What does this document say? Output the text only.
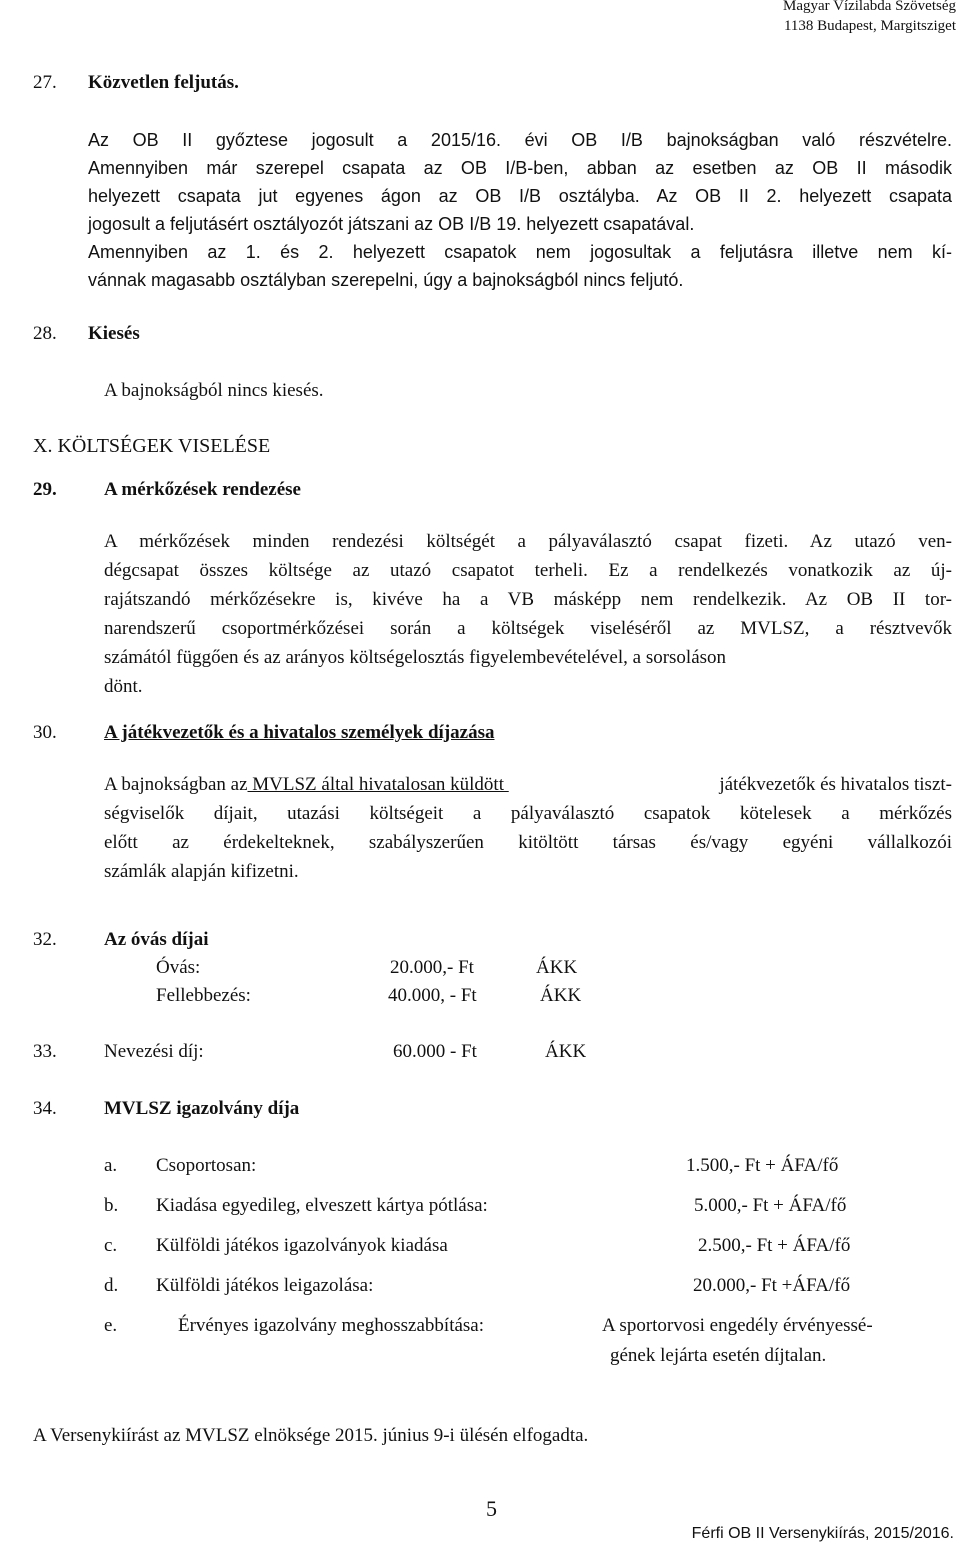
Magyar Vízilabda Szövetség
1138 Budapest, Margitsziget
27. Közvetlen feljutás.
Az OB II győztese jogosult a 2015/16. évi OB I/B bajnokságban való részvételre.
Amennyiben már szerepel csapata az OB I/B-ben, abban az esetben az OB II második
helyezett csapata jut egyenes ágon az OB I/B osztályba. Az OB II 2. helyezett csapata
jogosult a feljutásért osztályozót játszani az OB I/B 19. helyezett csapatával.
Amennyiben az 1. és 2. helyezett csapatok nem jogosultak a feljutásra illetve nem kí-
vánnak magasabb osztályban szerepelni, úgy a bajnokságból nincs feljutó.
28. Kiesés
A bajnokságból nincs kiesés.
X. KÖLTSÉGEK VISELÉSE
29. A mérkőzések rendezése
A mérkőzések minden rendezési költségét a pályaválasztó csapat fizeti. Az utazó ven-
dégcsapat összes költsége az utazó csapatot terheli. Ez a rendelkezés vonatkozik az új-
rajátszandó mérkőzésekre is, kivéve ha a VB másképp nem rendelkezik. Az OB II tor-
narendszerű csoportmérkőzései során a költségek viseléséről az MVLSZ, a résztvevők
számától függően és az arányos költségelosztás figyelembevételével, a sorsoláson
dönt.
30. A játékvezetők és a hivatalos személyek díjazása
A bajnokságban az MVLSZ által hivatalosan küldött	játékvezetők és hivatalos tiszt-
ségviselők díjait, utazási költségeit a pályaválasztó csapatok kötelesek a mérkőzés
előtt az érdekelteknek, szabályszerűen kitöltött társas és/vagy egyéni vállalkozói
számlák alapján kifizetni.
32. Az óvás díjai
Óvás:	20.000,- Ft	ÁKK
Fellebbezés:	40.000, - Ft	ÁKK
33. Nevezési díj:	60.000 - Ft	ÁKK
34. MVLSZ igazolvány díja
a. Csoportosan:	1.500,- Ft + ÁFA/fő
b. Kiadása egyedileg, elveszett kártya pótlása:	5.000,- Ft + ÁFA/fő
c. Külföldi játékos igazolványok kiadása	2.500,- Ft + ÁFA/fő
d. Külföldi játékos leigazolása:	20.000,- Ft +ÁFA/fő
e.	Érvényes igazolvány meghosszabbítása:	A sportorvosi engedély érvényessé-
gének lejárta esetén díjtalan.
A Versenykiírást az MVLSZ elnöksége 2015. június 9-i ülésén elfogadta.
5
Férfi OB II Versenykiírás, 2015/2016.
